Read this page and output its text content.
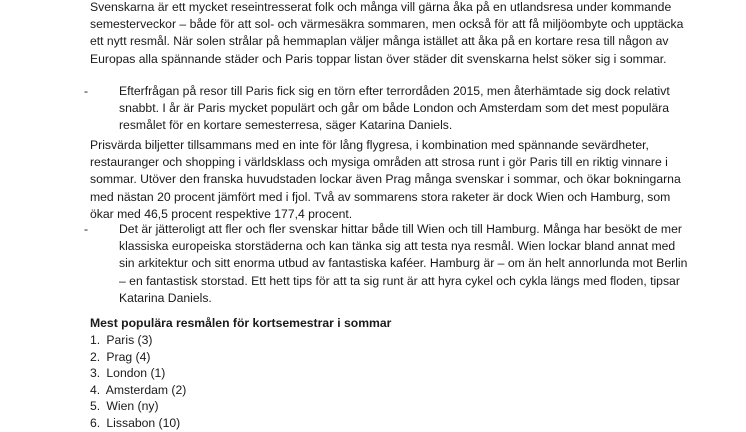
Svenskarna är ett mycket reseintresserat folk och många vill gärna åka på en utlandsresa under kommande semesterveckor – både för att sol- och värmesäkra sommaren, men också för att få miljöombyte och upptäcka ett nytt resmål. När solen strålar på hemmaplan väljer många istället att åka på en kortare resa till någon av Europas alla spännande städer och Paris toppar listan över städer dit svenskarna helst söker sig i sommar.

-	Efterfrågan på resor till Paris fick sig en törn efter terrordåden 2015, men återhämtade sig dock relativt snabbt. I år är Paris mycket populärt och går om både London och Amsterdam som det mest populära resmålet för en kortare semesterresa, säger Katarina Daniels.

Prisvärda biljetter tillsammans med en inte för lång flygresa, i kombination med spännande sevärdheter, restauranger och shopping i världsklass och mysiga områden att strosa runt i gör Paris till en riktig vinnare i sommar. Utöver den franska huvudstaden lockar även Prag många svenskar i sommar, och ökar bokningarna med nästan 20 procent jämfört med i fjol. Två av sommarens stora raketer är dock Wien och Hamburg, som ökar med 46,5 procent respektive 177,4 procent.

-	Det är jätteroligt att fler och fler svenskar hittar både till Wien och till Hamburg. Många har besökt de mer klassiska europeiska storstäderna och kan tänka sig att testa nya resmål. Wien lockar bland annat med sin arkitektur och sitt enorma utbud av fantastiska kaféer. Hamburg är – om än helt annorlunda mot Berlin – en fantastisk storstad. Ett hett tips för att ta sig runt är att hyra cykel och cykla längs med floden, tipsar Katarina Daniels.

Mest populära resmålen för kortsemestrar i sommar

1. Paris (3)
2. Prag (4)
3. London (1)
4. Amsterdam (2)
5. Wien (ny)
6. Lissabon (10)
